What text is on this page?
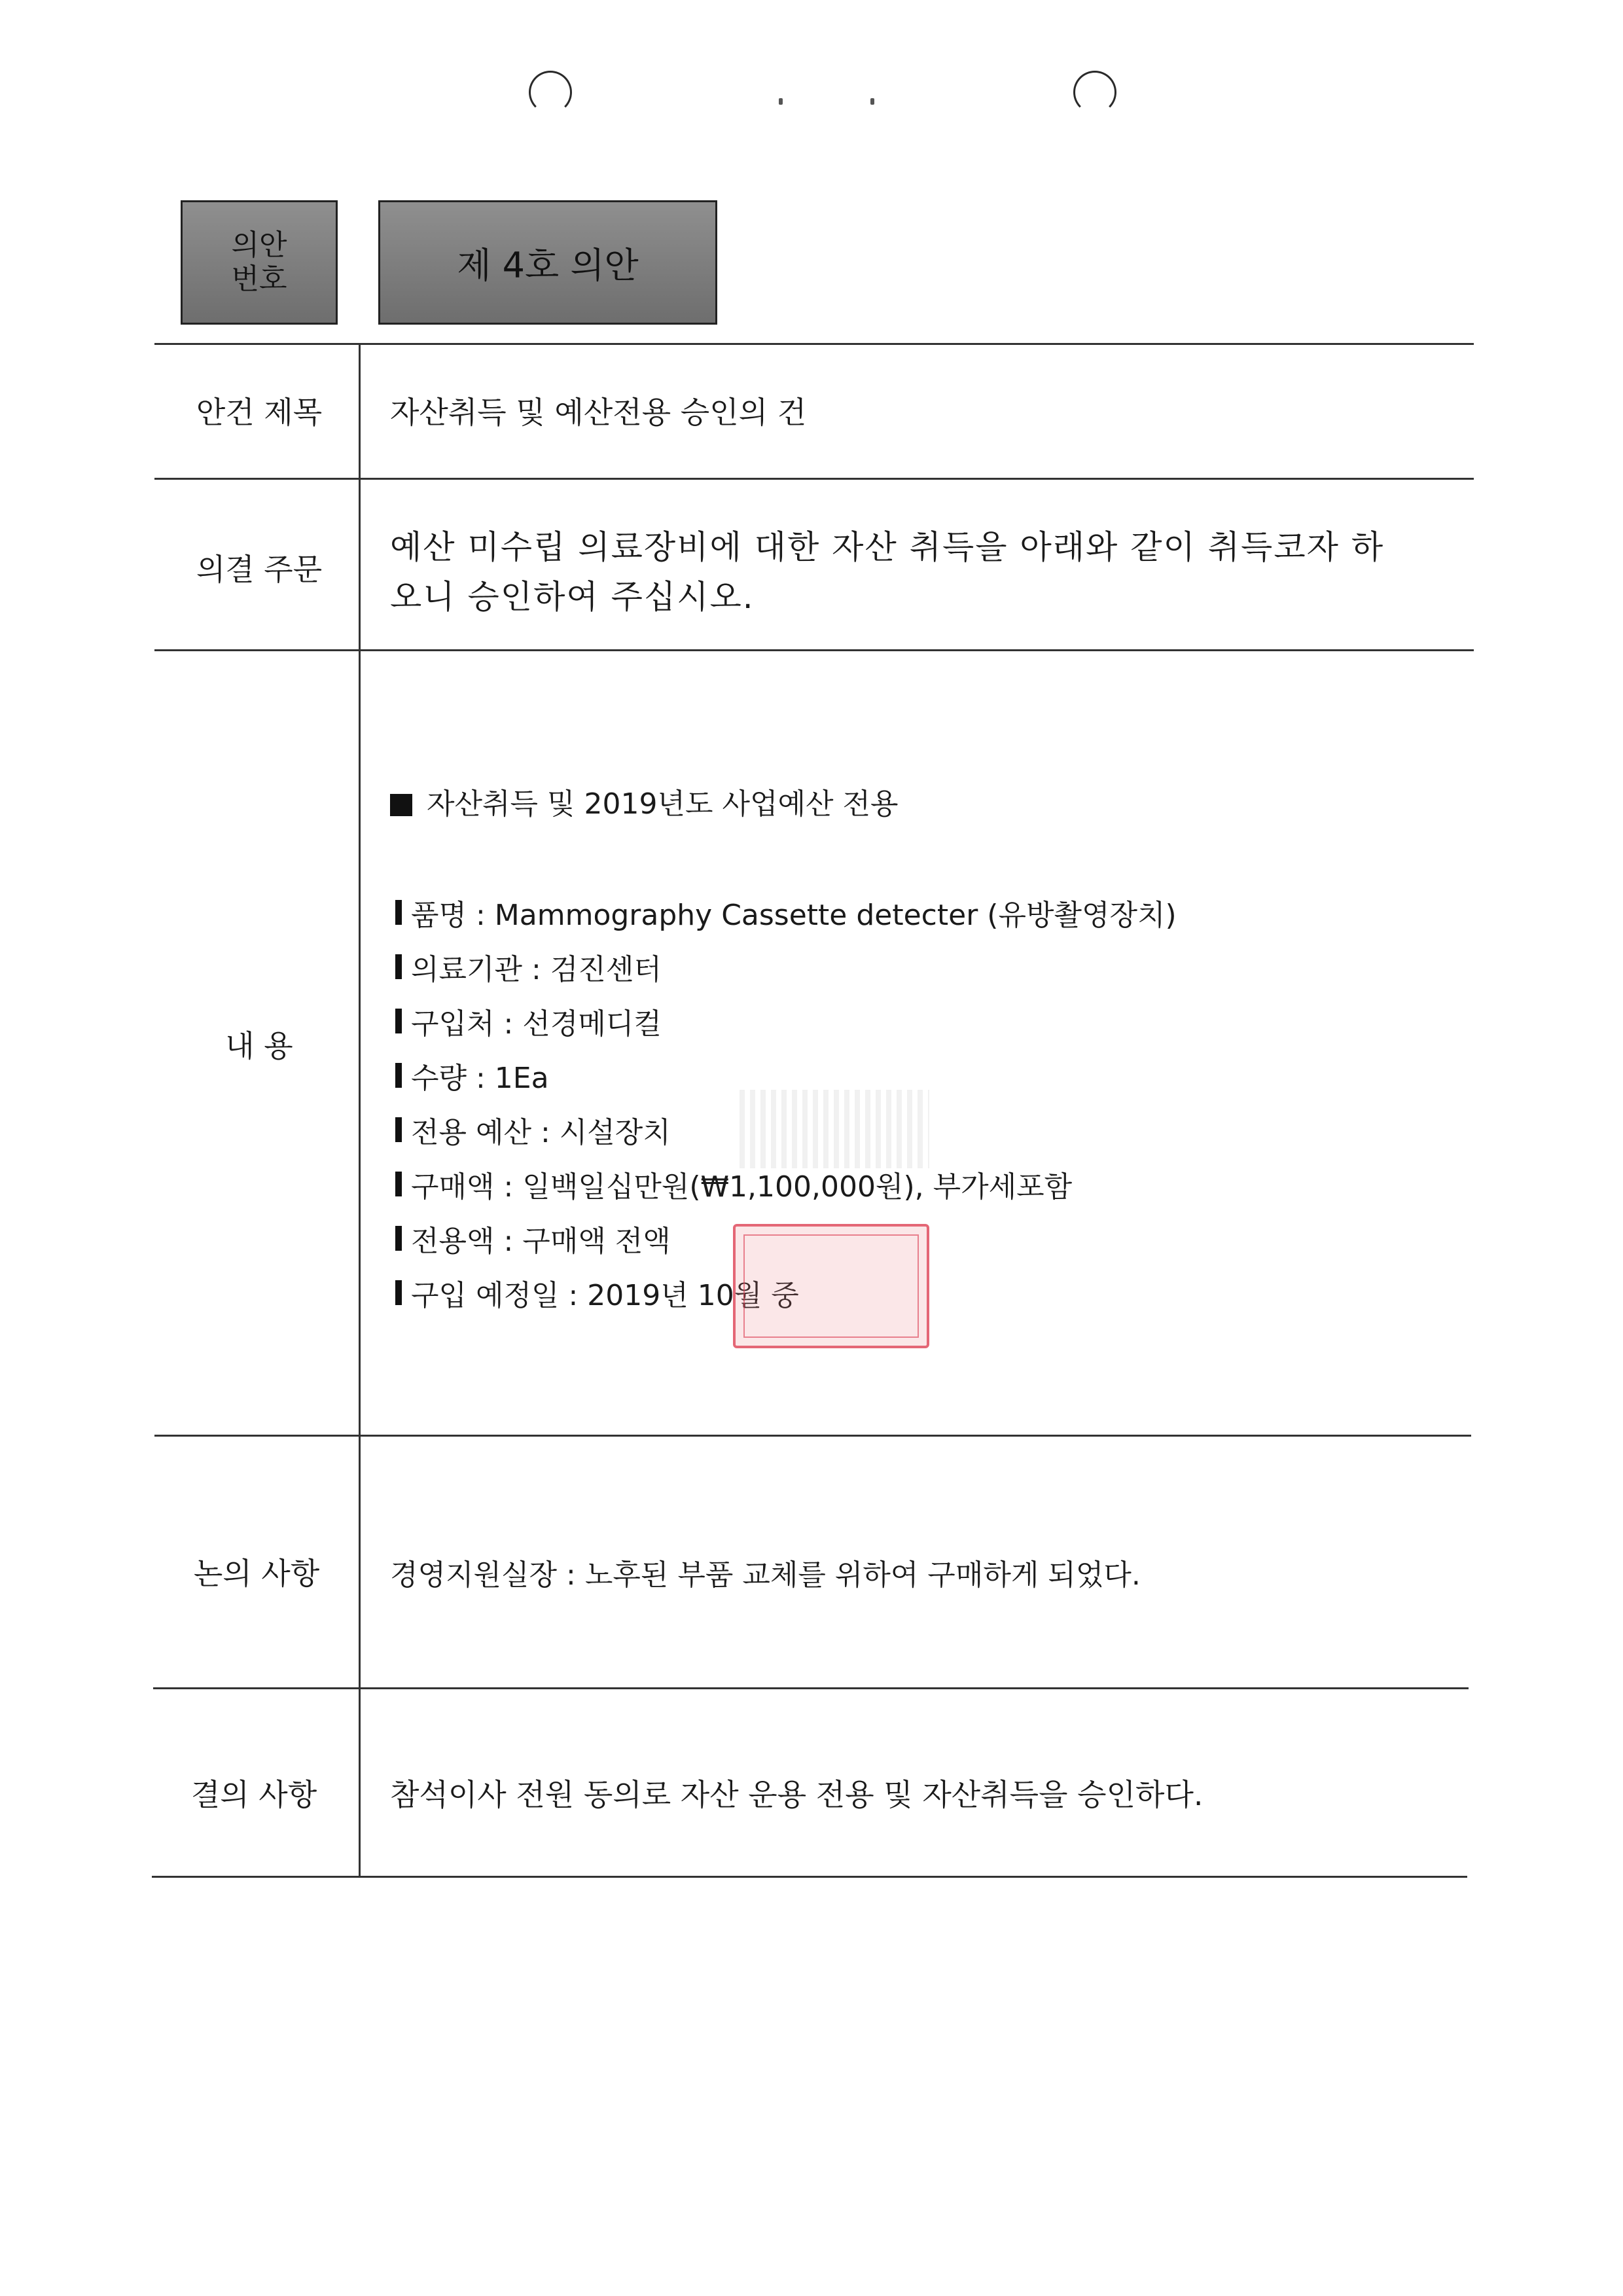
의안
번호	제 4호 의안
안건 제목 자산취득 및 예산전용 승인의 건
의결 주문
예산 미수립 의료장비에 대한 자산 취득을 아래와 같이 취득코자 하
오니 승인하여 주십시오.
내 용
자산취득 및 2019년도 사업예산 전용
품명 : Mammography Cassette detecter (유방촬영장치)
의료기관 : 검진센터
구입처 : 선경메디컬
수량 : 1Ea
전용 예산 : 시설장치
구매액 : 일백일십만원(₩1,100,000원), 부가세포함
전용액 : 구매액 전액
구입 예정일 : 2019년 10월 중
논의 사항 경영지원실장 : 노후된 부품 교체를 위하여 구매하게 되었다.
결의 사항 참석이사 전원 동의로 자산 운용 전용 및 자산취득을 승인하다.
